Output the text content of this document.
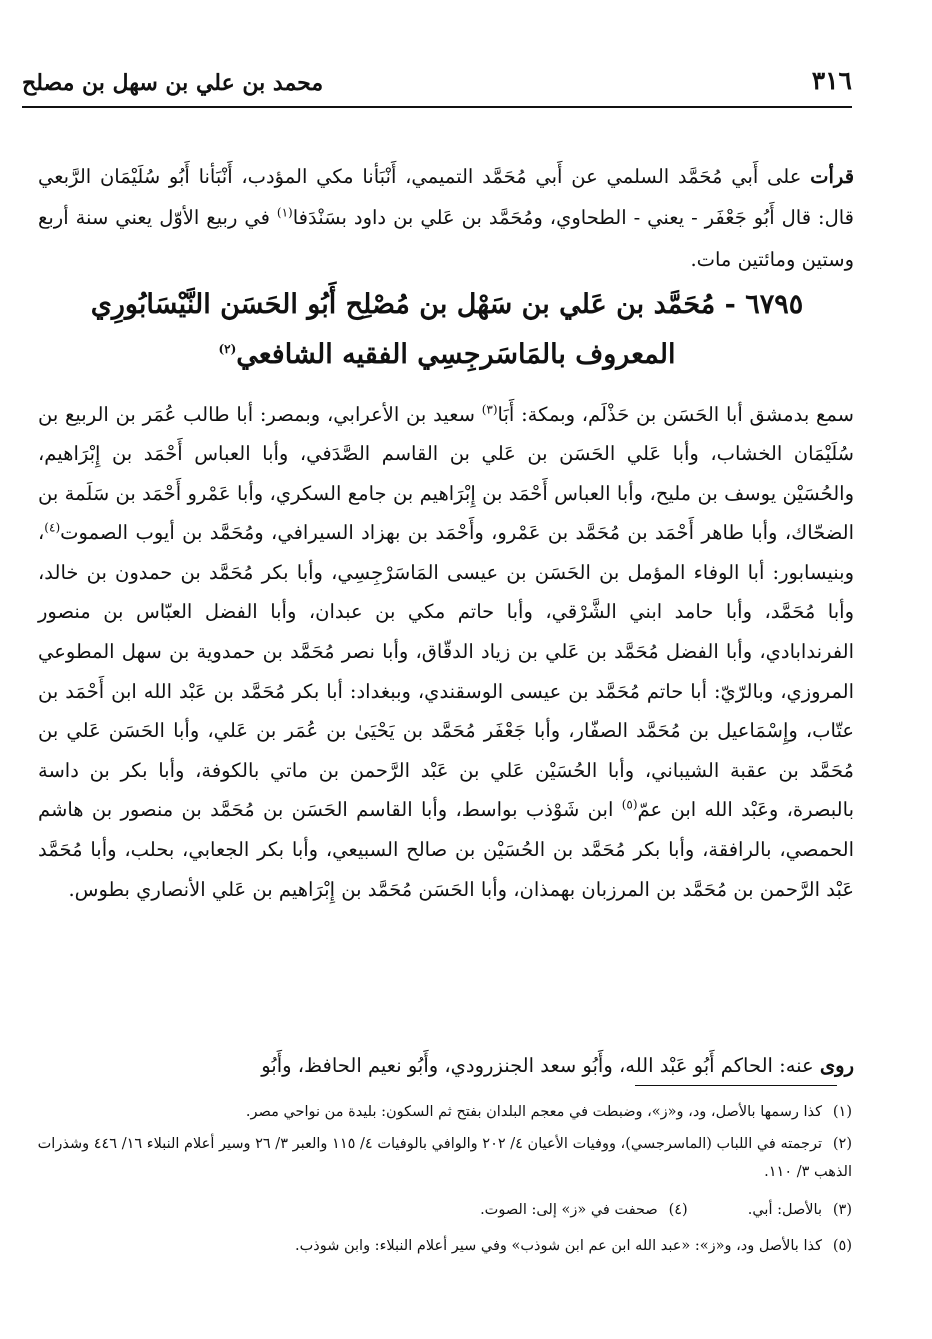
٣١٦
محمد بن علي بن سهل بن مصلح

قرأت على أَبي مُحَمَّد السلمي عن أَبي مُحَمَّد التميمي، أَنْبَأنا مكي المؤدب، أَنْبَأنا أَبُو سُلَيْمَان الرَّبعي قال: قال أَبُو جَعْفَر - يعني - الطحاوي، ومُحَمَّد بن عَلي بن داود بسَنْدَفا$^{(١)}$ في ربيع الأوّل يعني سنة أربع وستين ومائتين مات.

٦٧٩٥ - مُحَمَّد بن عَلي بن سَهْل بن مُصْلِح أَبُو الحَسَن النَّيْسَابُورِي
المعروف بالمَاسَرجِسِي الفقيه الشافعي$^{(٢)}$

سمع بدمشق أبا الحَسَن بن حَذْلَم، وبمكة: أَبَا$^{(٣)}$ سعيد بن الأعرابي، وبمصر: أبا طالب عُمَر بن الربيع بن سُلَيْمَان الخشاب، وأبا عَلي الحَسَن بن عَلي بن القاسم الصَّدَفي، وأبا العباس أَحْمَد بن إِبْرَاهيم، والحُسَيْن يوسف بن مليح، وأبا العباس أَحْمَد بن إِبْرَاهيم بن جامع السكري، وأبا عَمْرو أَحْمَد بن سَلَمة بن الضحّاك، وأبا طاهر أَحْمَد بن مُحَمَّد بن عَمْرو، وأَحْمَد بن بهزاد السيرافي، ومُحَمَّد بن أيوب الصموت$^{(٤)}$، وبنيسابور: أبا الوفاء المؤمل بن الحَسَن بن عيسى المَاسَرْجِسِي، وأبا بكر مُحَمَّد بن حمدون بن خالد، وأبا مُحَمَّد، وأبا حامد ابني الشَّرْقي، وأبا حاتم مكي بن عبدان، وأبا الفضل العبّاس بن منصور الفرندابادي، وأبا الفضل مُحَمَّد بن عَلي بن زياد الدقّاق، وأبا نصر مُحَمَّد بن حمدوية بن سهل المطوعي المروزي، وبالرّيّ: أبا حاتم مُحَمَّد بن عيسى الوسقندي، وببغداد: أبا بكر مُحَمَّد بن عَبْد الله ابن أَحْمَد بن عتّاب، وإِسْمَاعيل بن مُحَمَّد الصفّار، وأبا جَعْفَر مُحَمَّد بن يَحْيَىٰ بن عُمَر بن عَلي، وأبا الحَسَن عَلي بن مُحَمَّد بن عقبة الشيباني، وأبا الحُسَيْن عَلي بن عَبْد الرَّحمن بن ماتي بالكوفة، وأبا بكر بن داسة بالبصرة، وعَبْد الله ابن عمّ$^{(٥)}$ ابن شَوْذب بواسط، وأبا القاسم الحَسَن بن مُحَمَّد بن منصور بن هاشم الحمصي، بالرافقة، وأبا بكر مُحَمَّد بن الحُسَيْن بن صالح السبيعي، وأبا بكر الجعابي، بحلب، وأبا مُحَمَّد عَبْد الرَّحمن بن مُحَمَّد بن المرزبان بهمذان، وأبا الحَسَن مُحَمَّد بن إِبْرَاهيم بن عَلي الأنصاري بطوس.

روى عنه: الحاكم أَبُو عَبْد الله، وأَبُو سعد الجنزرودي، وأَبُو نعيم الحافظ، وأَبُو

(١)كذا رسمها بالأصل، ود، و«ز»، وضبطت في معجم البلدان بفتح ثم السكون: بليدة من نواحي مصر.
(٢)ترجمته في اللباب (الماسرجسي)، ووفيات الأعيان ٤/ ٢٠٢ والوافي بالوفيات ٤/ ١١٥ والعبر ٣/ ٢٦ وسير أعلام النبلاء ١٦/ ٤٤٦ وشذرات الذهب ٣/ ١١٠.
(٣)بالأصل: أبي.(٤)صحفت في «ز» إلى: الصوت.
(٥)كذا بالأصل ود، و«ز»: «عبد الله ابن عم ابن شوذب» وفي سير أعلام النبلاء: وابن شوذب.
